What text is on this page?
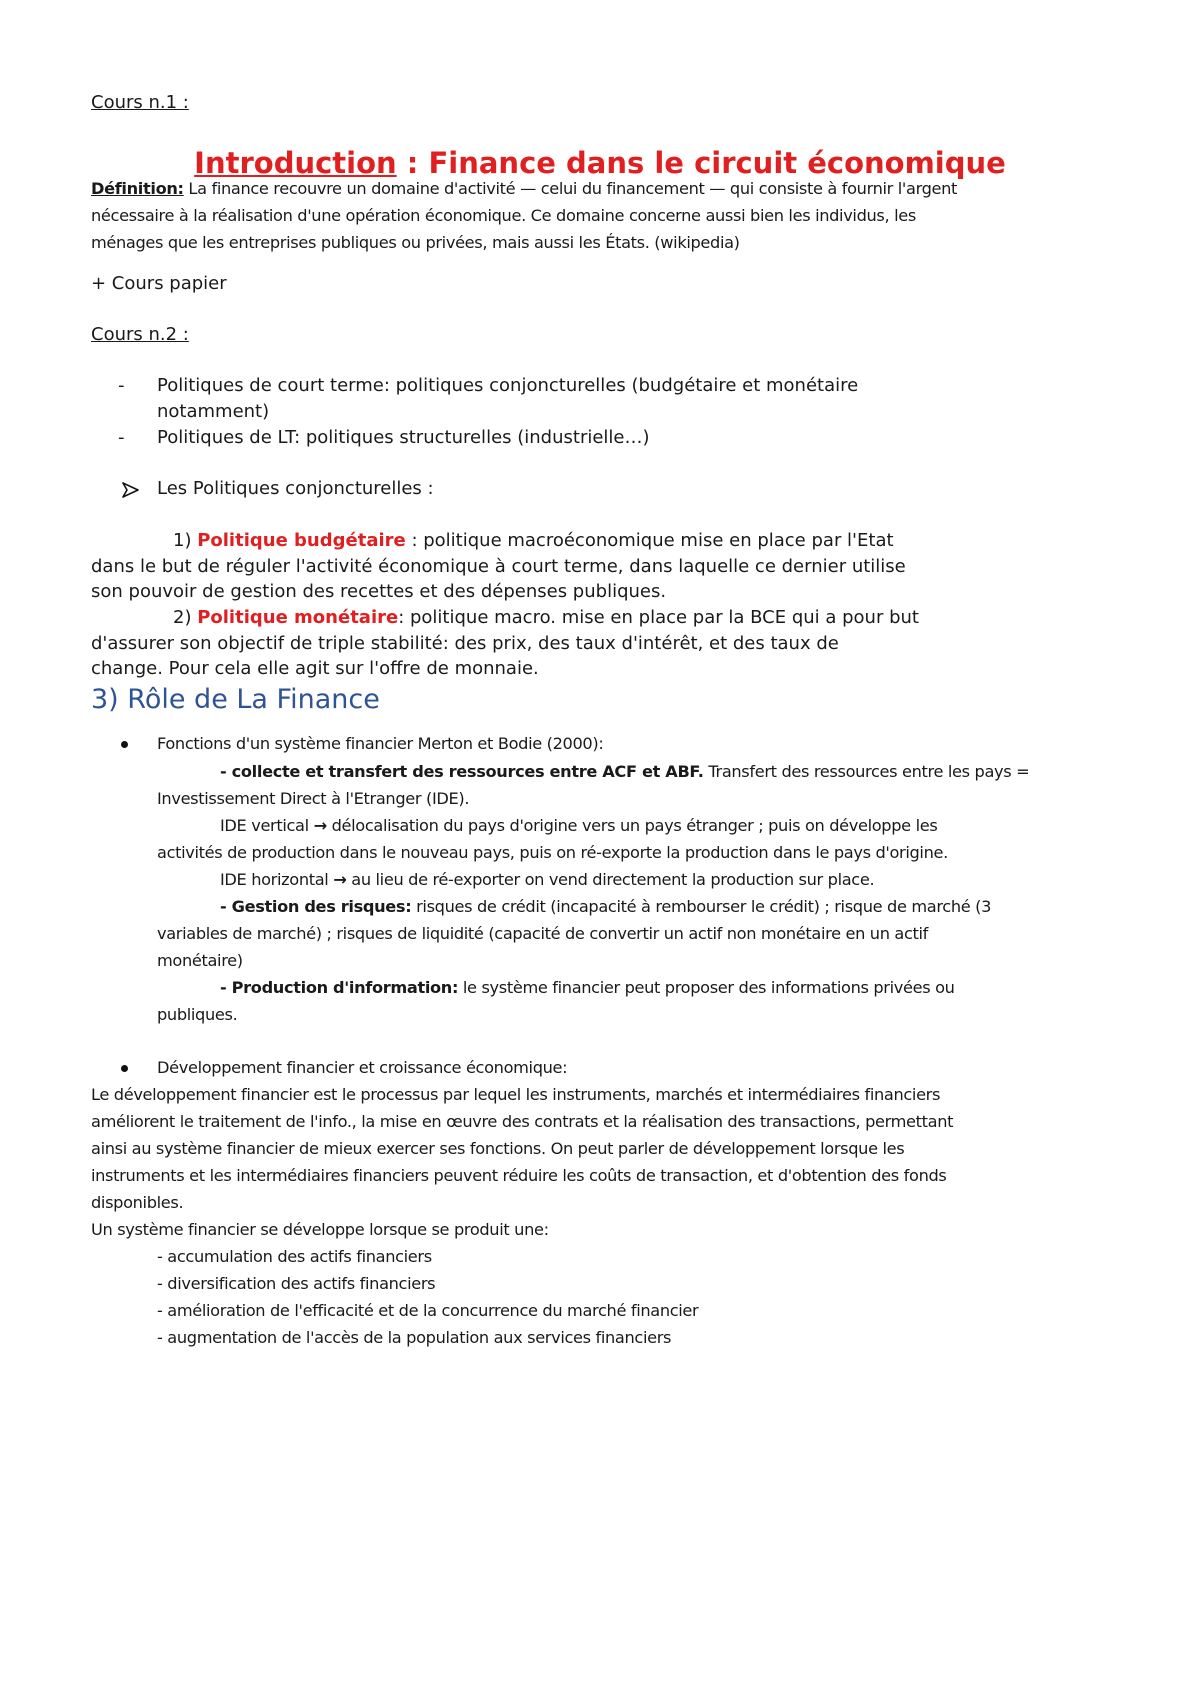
Cours n.1 :
Introduction : Finance dans le circuit économique
Définition: La finance recouvre un domaine d'activité — celui du financement — qui consiste à fournir l'argent
nécessaire à la réalisation d'une opération économique. Ce domaine concerne aussi bien les individus, les
ménages que les entreprises publiques ou privées, mais aussi les États. (wikipedia)
+ Cours papier
Cours n.2 :
- Politiques de court terme: politiques conjoncturelles (budgétaire et monétaire
notamment)
- Politiques de LT: politiques structurelles (industrielle…)
Les Politiques conjoncturelles :
1) Politique budgétaire : politique macroéconomique mise en place par l'Etat
dans le but de réguler l'activité économique à court terme, dans laquelle ce dernier utilise
son pouvoir de gestion des recettes et des dépenses publiques.
2) Politique monétaire: politique macro. mise en place par la BCE qui a pour but
d'assurer son objectif de triple stabilité: des prix, des taux d'intérêt, et des taux de
change. Pour cela elle agit sur l'offre de monnaie.
3) Rôle de La Finance
Fonctions d'un système financier Merton et Bodie (2000):
- collecte et transfert des ressources entre ACF et ABF. Transfert des ressources entre les pays =
Investissement Direct à l'Etranger (IDE).
IDE vertical → délocalisation du pays d'origine vers un pays étranger ; puis on développe les
activités de production dans le nouveau pays, puis on ré-exporte la production dans le pays d'origine.
IDE horizontal → au lieu de ré-exporter on vend directement la production sur place.
- Gestion des risques: risques de crédit (incapacité à rembourser le crédit) ; risque de marché (3
variables de marché) ; risques de liquidité (capacité de convertir un actif non monétaire en un actif
monétaire)
- Production d'information: le système financier peut proposer des informations privées ou
publiques.
Développement financier et croissance économique:
Le développement financier est le processus par lequel les instruments, marchés et intermédiaires financiers
améliorent le traitement de l'info., la mise en œuvre des contrats et la réalisation des transactions, permettant
ainsi au système financier de mieux exercer ses fonctions. On peut parler de développement lorsque les
instruments et les intermédiaires financiers peuvent réduire les coûts de transaction, et d'obtention des fonds
disponibles.
Un système financier se développe lorsque se produit une:
- accumulation des actifs financiers
- diversification des actifs financiers
- amélioration de l'efficacité et de la concurrence du marché financier
- augmentation de l'accès de la population aux services financiers
